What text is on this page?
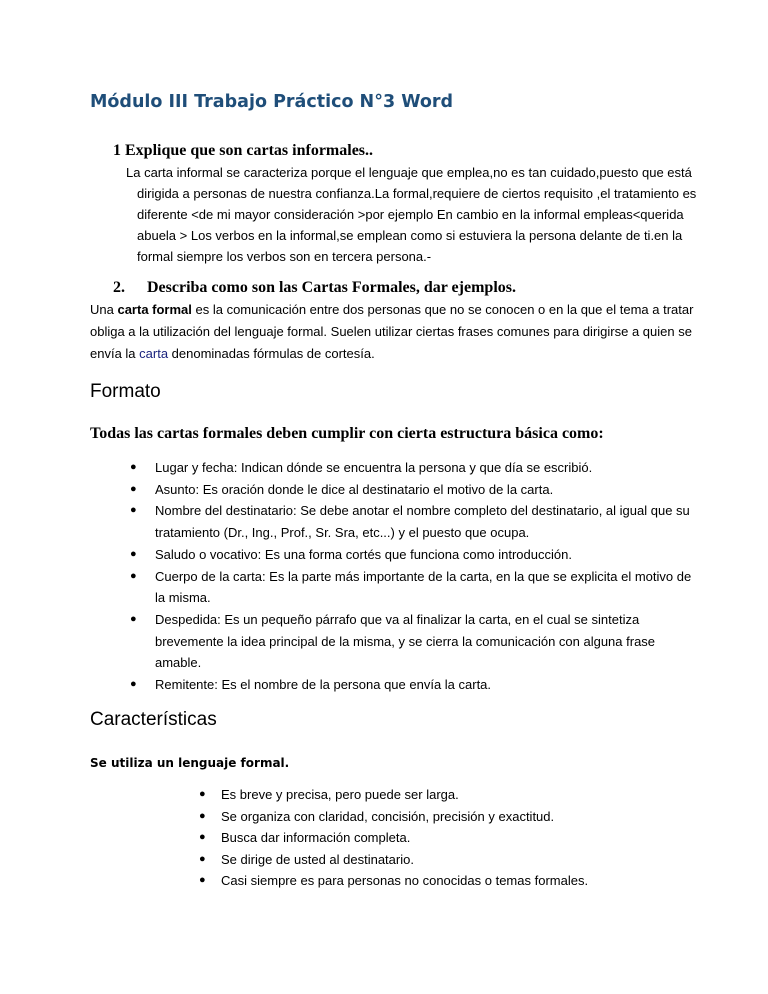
Módulo III Trabajo Práctico N°3 Word
1 Explique que son cartas informales..
La carta informal se caracteriza porque el lenguaje que emplea,no es tan cuidado,puesto que está
dirigida a personas de nuestra confianza.La formal,requiere de ciertos requisito ,el tratamiento es
diferente <de mi mayor consideración >por ejemplo En cambio en la informal empleas<querida
abuela > Los verbos en la informal,se emplean como si estuviera la persona delante de ti.en la
formal siempre los verbos son en tercera persona.-
2. Describa como son las Cartas Formales, dar ejemplos.
Una carta formal es la comunicación entre dos personas que no se conocen o en la que el tema a tratar
obliga a la utilización del lenguaje formal. Suelen utilizar ciertas frases comunes para dirigirse a quien se
envía la carta denominadas fórmulas de cortesía.
Formato
Todas las cartas formales deben cumplir con cierta estructura básica como:
Características
Se utiliza un lenguaje formal.
● Lugar y fecha: Indican dónde se encuentra la persona y que día se escribió.
● Asunto: Es oración donde le dice al destinatario el motivo de la carta.
● Nombre del destinatario: Se debe anotar el nombre completo del destinatario, al igual que su
tratamiento (Dr., Ing., Prof., Sr. Sra, etc...) y el puesto que ocupa.
● Saludo o vocativo: Es una forma cortés que funciona como introducción.
● Cuerpo de la carta: Es la parte más importante de la carta, en la que se explicita el motivo de
la misma.
● Despedida: Es un pequeño párrafo que va al finalizar la carta, en el cual se sintetiza
brevemente la idea principal de la misma, y se cierra la comunicación con alguna frase
amable.
● Remitente: Es el nombre de la persona que envía la carta.
● Es breve y precisa, pero puede ser larga.
● Se organiza con claridad, concisión, precisión y exactitud.
● Busca dar información completa.
● Se dirige de usted al destinatario.
● Casi siempre es para personas no conocidas o temas formales.
